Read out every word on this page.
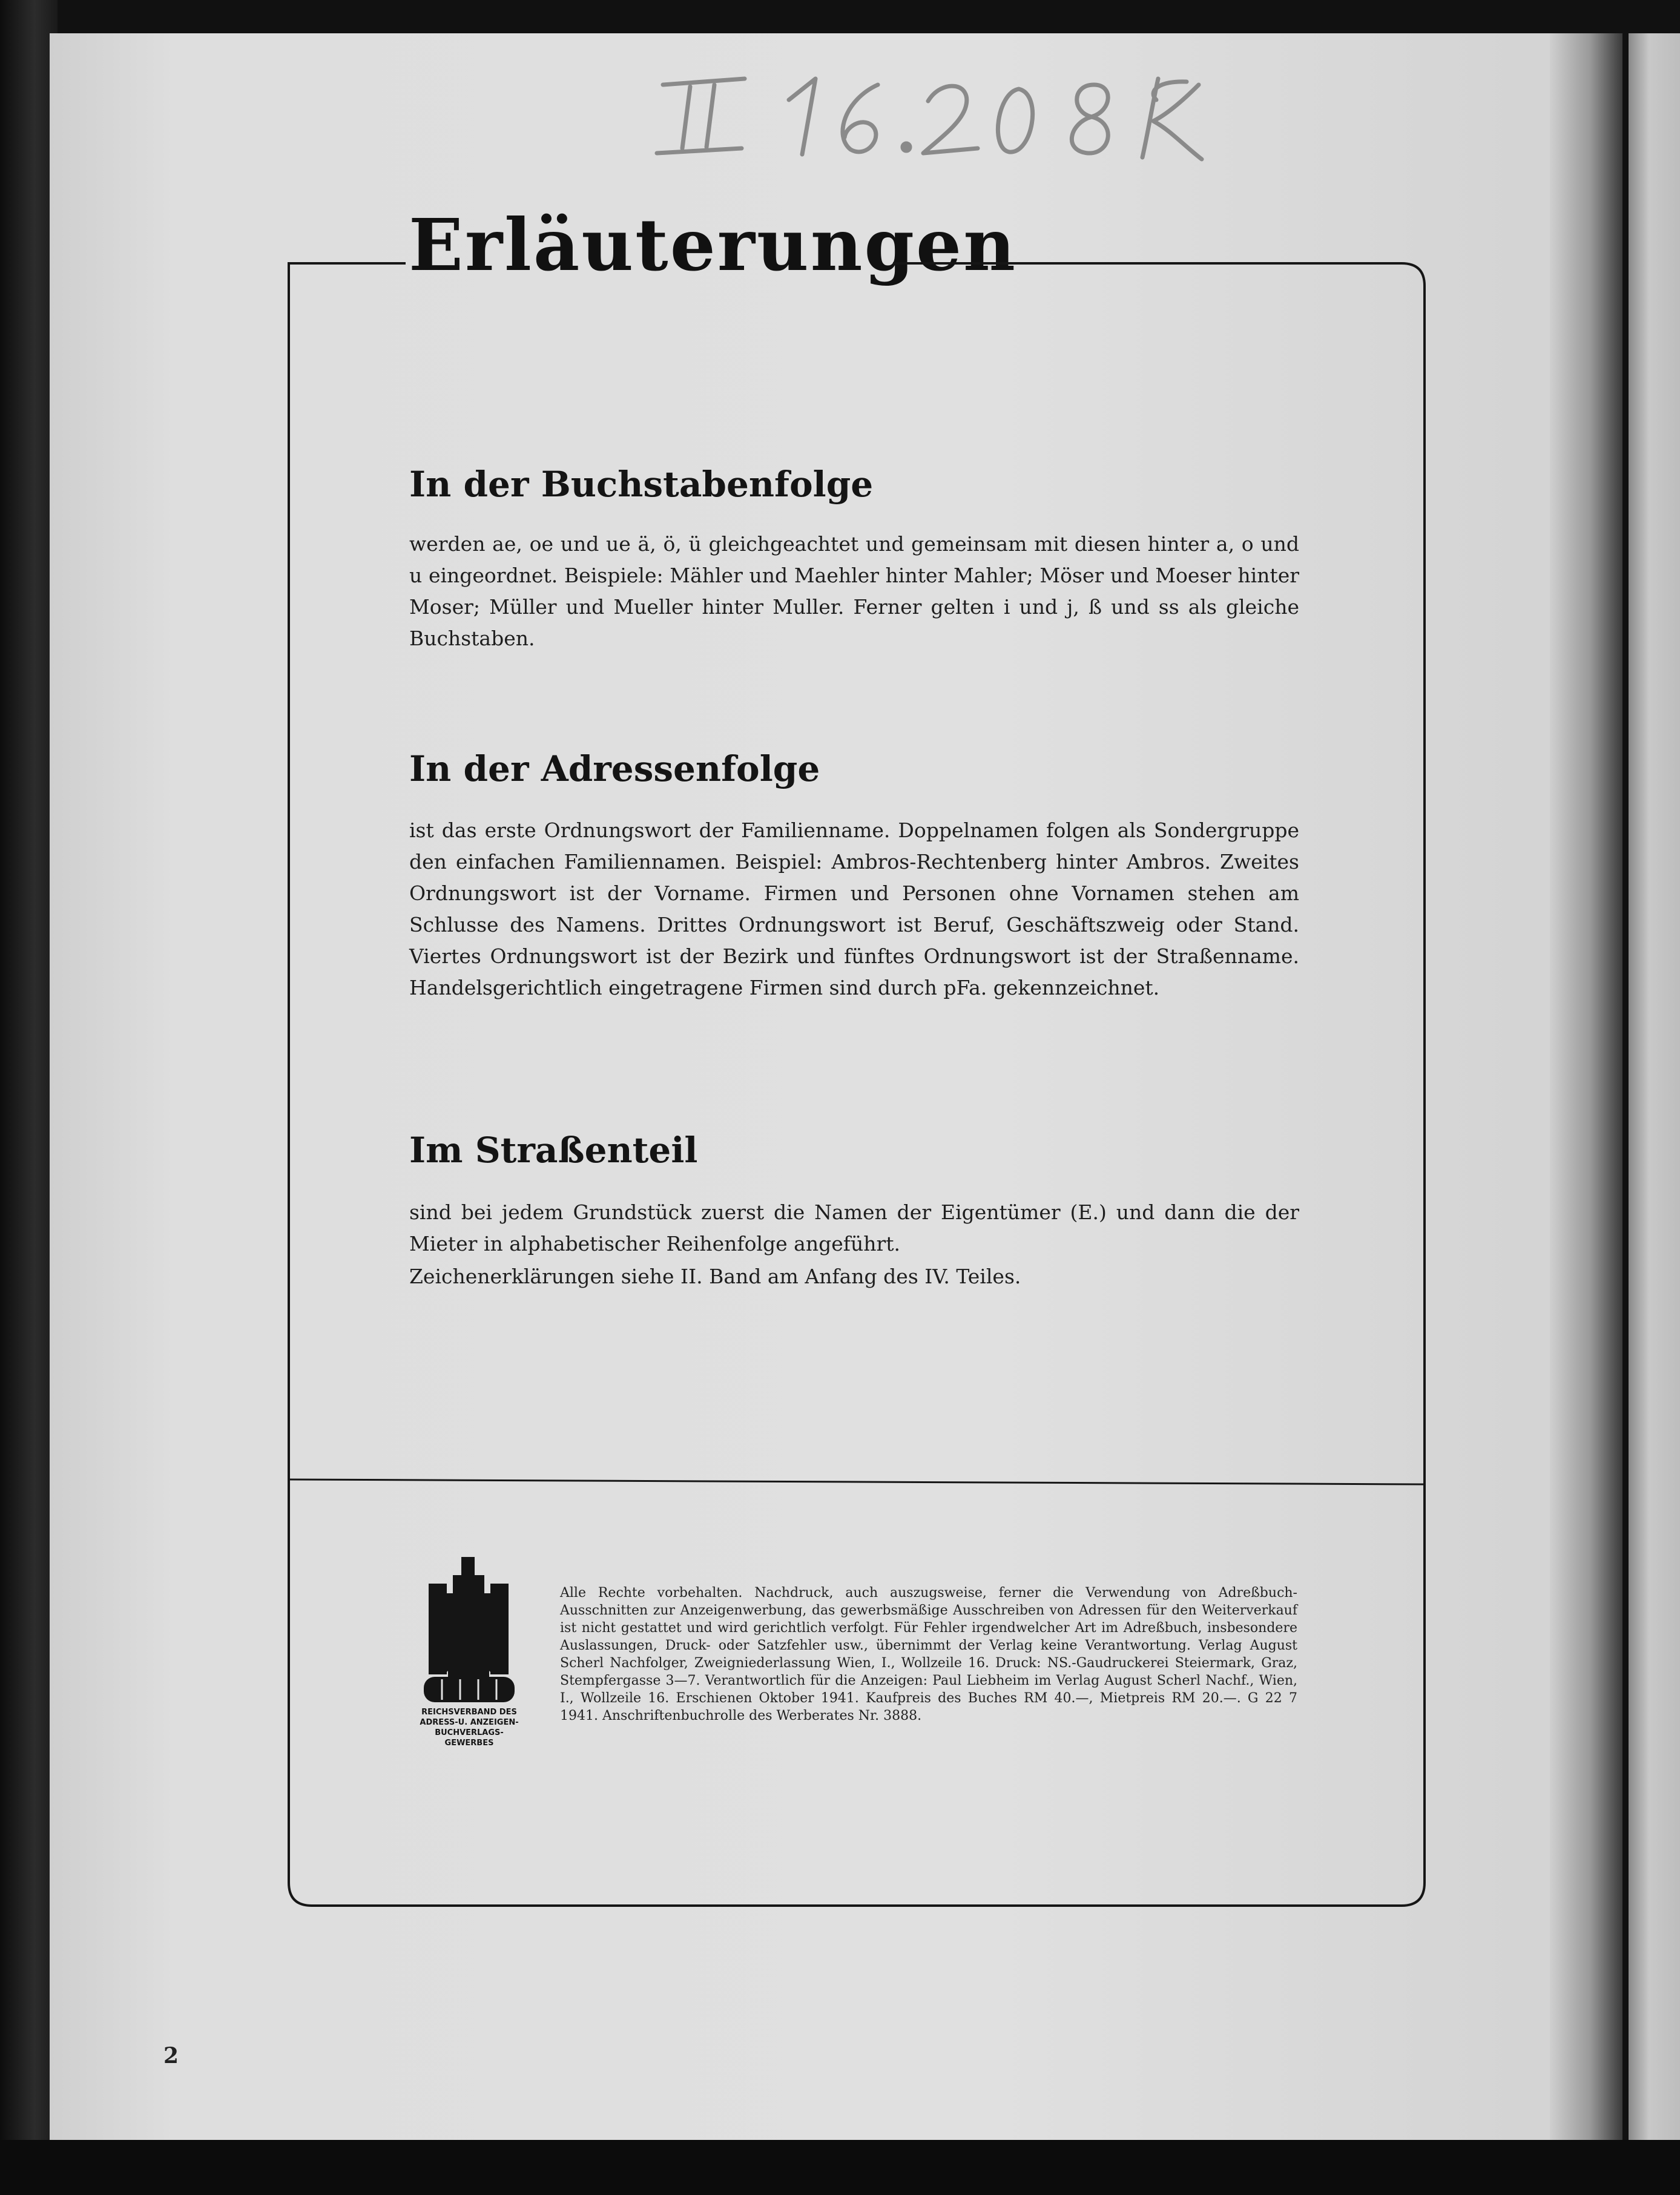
Erläuterungen
In der Buchstabenfolge

werden ae, oe und ue ä, ö, ü gleichgeachtet und gemeinsam mit diesen hinter a, o und u eingeordnet. Beispiele: Mähler und Maehler hinter Mahler; Möser und Moeser hinter Moser; Müller und Mueller hinter Muller. Ferner gelten i und j, ß und ss als gleiche Buchstaben.

In der Adressenfolge

ist das erste Ordnungswort der Familienname. Doppelnamen folgen als Sondergruppe den einfachen Familiennamen. Beispiel: Ambros-Rechtenberg hinter Ambros. Zweites Ordnungswort ist der Vorname. Firmen und Personen ohne Vornamen stehen am Schlusse des Namens. Drittes Ordnungswort ist Beruf, Geschäftszweig oder Stand. Viertes Ordnungswort ist der Bezirk und fünftes Ordnungswort ist der Straßenname. Handelsgerichtlich eingetragene Firmen sind durch pFa. gekennzeichnet.

Im Straßenteil

sind bei jedem Grundstück zuerst die Namen der Eigentümer (E.) und dann die der Mieter in alphabetischer Reihenfolge angeführt.

Zeichenerklärungen siehe II. Band am Anfang des IV. Teiles.

REICHSVERBAND DES
ADRESS-U. ANZEIGEN-
BUCHVERLAGS-
GEWERBES

Alle Rechte vorbehalten. Nachdruck, auch auszugsweise, ferner die Verwendung von Adreßbuch-Ausschnitten zur Anzeigenwerbung, das gewerbsmäßige Ausschreiben von Adressen für den Weiterverkauf ist nicht gestattet und wird gerichtlich verfolgt. Für Fehler irgendwelcher Art im Adreßbuch, insbesondere Auslassungen, Druck- oder Satzfehler usw., übernimmt der Verlag keine Verantwortung. Verlag August Scherl Nachfolger, Zweigniederlassung Wien, I., Wollzeile 16. Druck: NS.-Gaudruckerei Steiermark, Graz, Stempfergasse 3—7. Verantwortlich für die Anzeigen: Paul Liebheim im Verlag August Scherl Nachf., Wien, I., Wollzeile 16. Erschienen Oktober 1941. Kaufpreis des Buches RM 40.—, Mietpreis RM 20.—. G 22 7 1941. Anschriftenbuchrolle des Werberates Nr. 3888.

2
